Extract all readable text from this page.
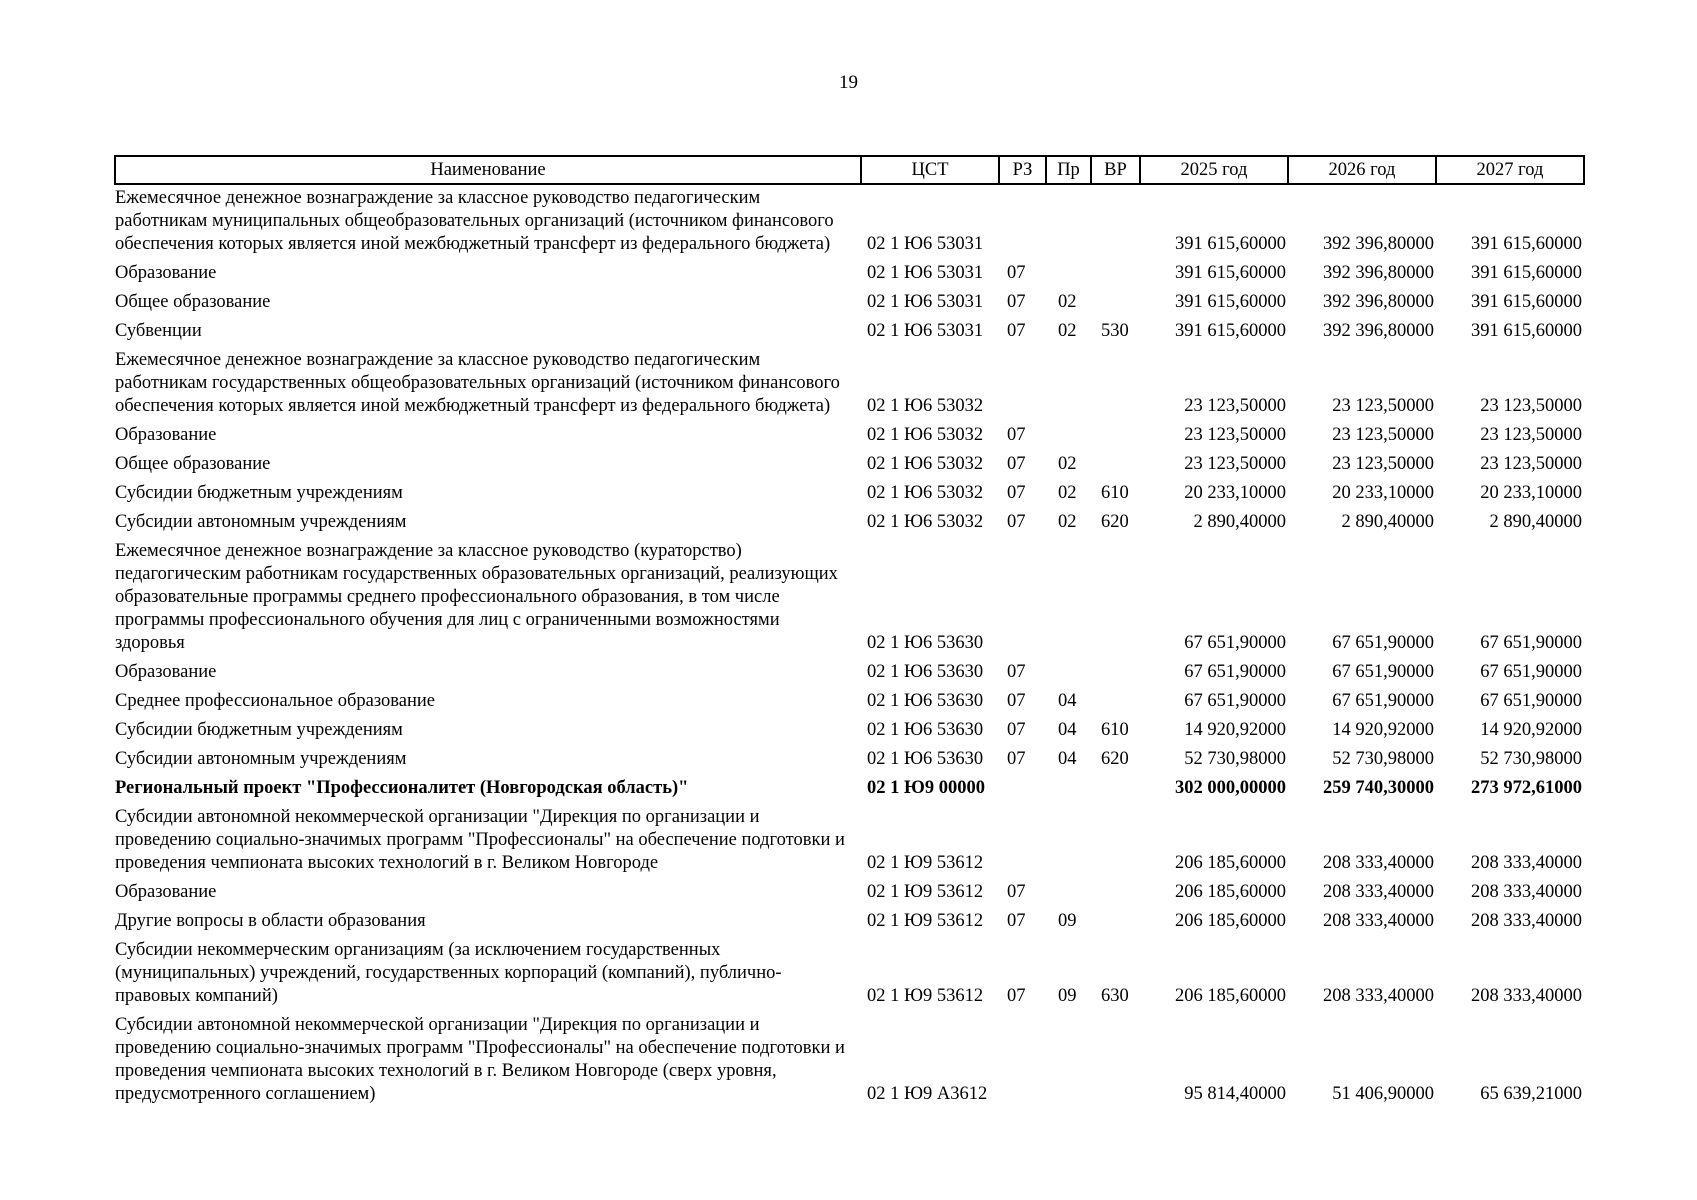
19
Наименование	ЦСТ	РЗ	Пр	ВР	2025 год	2026 год	2027 год
Ежемесячное денежное вознаграждение за классное руководство педагогическим работникам муниципальных общеобразовательных организаций (источником финансового обеспечения которых является иной межбюджетный трансферт из федерального бюджета)	02 1 Ю6 53031				391 615,60000	392 396,80000	391 615,60000
Образование	02 1 Ю6 53031	07			391 615,60000	392 396,80000	391 615,60000
Общее образование	02 1 Ю6 53031	07	02		391 615,60000	392 396,80000	391 615,60000
Субвенции	02 1 Ю6 53031	07	02	530	391 615,60000	392 396,80000	391 615,60000
Ежемесячное денежное вознаграждение за классное руководство педагогическим работникам государственных общеобразовательных организаций (источником финансового обеспечения которых является иной межбюджетный трансферт из федерального бюджета)	02 1 Ю6 53032				23 123,50000	23 123,50000	23 123,50000
Образование	02 1 Ю6 53032	07			23 123,50000	23 123,50000	23 123,50000
Общее образование	02 1 Ю6 53032	07	02		23 123,50000	23 123,50000	23 123,50000
Субсидии бюджетным учреждениям	02 1 Ю6 53032	07	02	610	20 233,10000	20 233,10000	20 233,10000
Субсидии автономным учреждениям	02 1 Ю6 53032	07	02	620	2 890,40000	2 890,40000	2 890,40000
Ежемесячное денежное вознаграждение за классное руководство (кураторство) педагогическим работникам государственных образовательных организаций, реализующих образовательные программы среднего профессионального образования, в том числе программы профессионального обучения для лиц с ограниченными возможностями здоровья	02 1 Ю6 53630				67 651,90000	67 651,90000	67 651,90000
Образование	02 1 Ю6 53630	07			67 651,90000	67 651,90000	67 651,90000
Среднее профессиональное образование	02 1 Ю6 53630	07	04		67 651,90000	67 651,90000	67 651,90000
Субсидии бюджетным учреждениям	02 1 Ю6 53630	07	04	610	14 920,92000	14 920,92000	14 920,92000
Субсидии автономным учреждениям	02 1 Ю6 53630	07	04	620	52 730,98000	52 730,98000	52 730,98000
Региональный проект "Профессионалитет (Новгородская область)"	02 1 Ю9 00000				302 000,00000	259 740,30000	273 972,61000
Субсидии автономной некоммерческой организации "Дирекция по организации и проведению социально-значимых программ "Профессионалы" на обеспечение подготовки и проведения чемпионата высоких технологий в г. Великом Новгороде	02 1 Ю9 53612				206 185,60000	208 333,40000	208 333,40000
Образование	02 1 Ю9 53612	07			206 185,60000	208 333,40000	208 333,40000
Другие вопросы в области образования	02 1 Ю9 53612	07	09		206 185,60000	208 333,40000	208 333,40000
Субсидии некоммерческим организациям (за исключением государственных (муниципальных) учреждений, государственных корпораций (компаний), публично-правовых компаний)	02 1 Ю9 53612	07	09	630	206 185,60000	208 333,40000	208 333,40000
Субсидии автономной некоммерческой организации "Дирекция по организации и проведению социально-значимых программ "Профессионалы" на обеспечение подготовки и проведения чемпионата высоких технологий в г. Великом Новгороде (сверх уровня, предусмотренного соглашением)	02 1 Ю9 А3612				95 814,40000	51 406,90000	65 639,21000
